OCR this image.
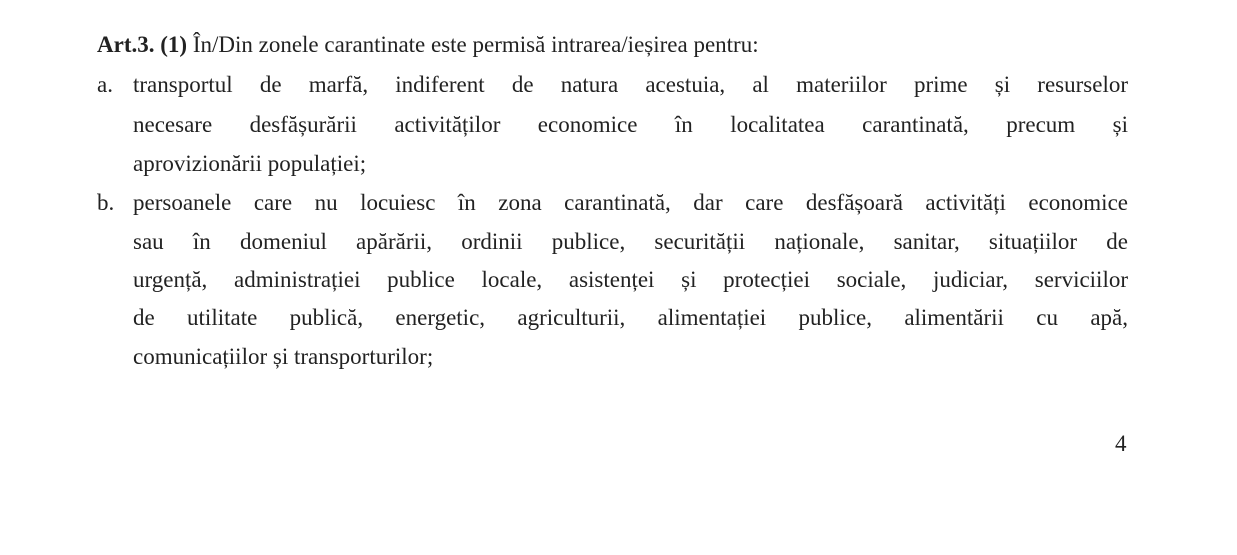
Art.3. (1) În/Din zonele carantinate este permisă intrarea/ieșirea pentru:
a. transportul de marfă, indiferent de natura acestuia, al materiilor prime și resurselor
necesare desfășurării activităților economice în localitatea carantinată, precum și
aprovizionării populației;
b. persoanele care nu locuiesc în zona carantinată, dar care desfășoară activități economice
sau în domeniul apărării, ordinii publice, securității naționale, sanitar, situațiilor de
urgență, administrației publice locale, asistenței și protecției sociale, judiciar, serviciilor
de utilitate publică, energetic, agriculturii, alimentației publice, alimentării cu apă,
comunicațiilor și transporturilor;
4
